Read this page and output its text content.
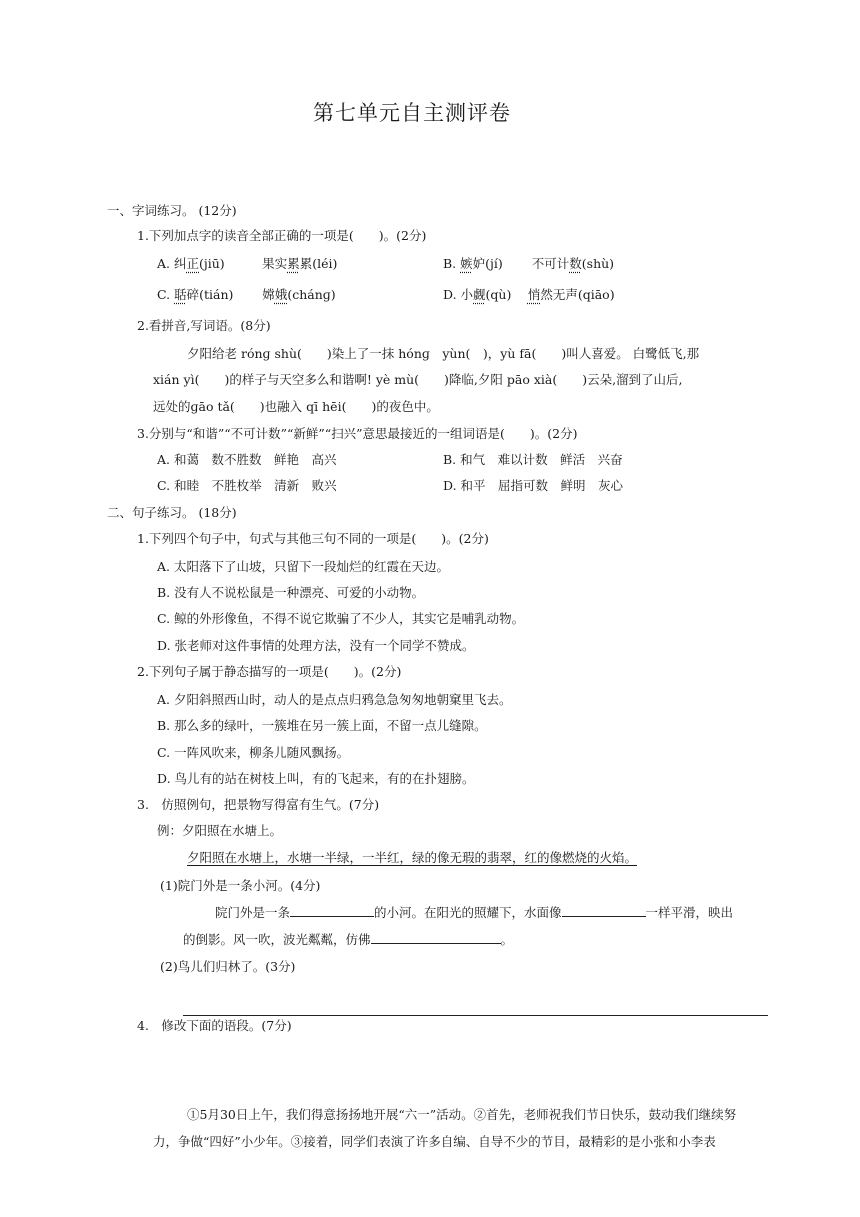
第七单元自主测评卷
一、字词练习。 (12分)
1.下列加点字的读音全部正确的一项是(　　)。(2分)
A. 纠正(jiū)　　　果实累累(léi)	B. 嫉妒(jí)　　 不可计数(shù)
C. 聒碎(tián)　　 嫦娥(chánɡ)	D. 小觑(qù)　 悄然无声(qiāo)
2.看拼音,写词语。(8分)
夕阳给老 rónɡ shù(　　)染上了一抹 hónɡ　yùn(　)，yù fā(　　)叫人喜爱。 白鹭低飞,那
xián yì(　　)的样子与天空多么和谐啊! yè mù(　　)降临,夕阳 pāo xià(　　)云朵,溜到了山后,
远处的ɡāo tǎ(　　)也融入 qī hēi(　　)的夜色中。
3.分别与“和谐”“不可计数”“新鲜”“扫兴”意思最接近的一组词语是(　　)。(2分)
A. 和蔼　数不胜数　鲜艳　高兴	B. 和气　难以计数　鲜活　兴奋
C. 和睦　不胜枚举　清新　败兴	D. 和平　屈指可数　鲜明　灰心
二、句子练习。 (18分)
1.下列四个句子中，句式与其他三句不同的一项是(　　)。(2分)
A. 太阳落下了山坡，只留下一段灿烂的红霞在天边。
B. 没有人不说松鼠是一种漂亮、可爱的小动物。
C. 鲸的外形像鱼，不得不说它欺骗了不少人，其实它是哺乳动物。
D. 张老师对这件事情的处理方法，没有一个同学不赞成。
2.下列句子属于静态描写的一项是(　　)。(2分)
A. 夕阳斜照西山时，动人的是点点归鸦急急匆匆地朝窠里飞去。
B. 那么多的绿叶，一簇堆在另一簇上面，不留一点儿缝隙。
C. 一阵风吹来，柳条儿随风飘扬。
D. 鸟儿有的站在树枝上叫，有的飞起来，有的在扑翅膀。
3.　仿照例句，把景物写得富有生气。(7分)
例：夕阳照在水塘上。
夕阳照在水塘上，水塘一半绿，一半红，绿的像无瑕的翡翠，红的像燃烧的火焰。
(1)院门外是一条小河。(4分)
院门外是一条	的小河。在阳光的照耀下，水面像	一样平滑，映出
的倒影。风一吹，波光粼粼，仿佛	。
(2)鸟儿们归林了。(3分)
4.　修改下面的语段。(7分)
①5月30日上午，我们得意扬扬地开展“六一”活动。②首先，老师祝我们节日快乐，鼓动我们继续努
力，争做“四好”小少年。③接着，同学们表演了许多自编、自导不少的节目，最精彩的是小张和小李表
